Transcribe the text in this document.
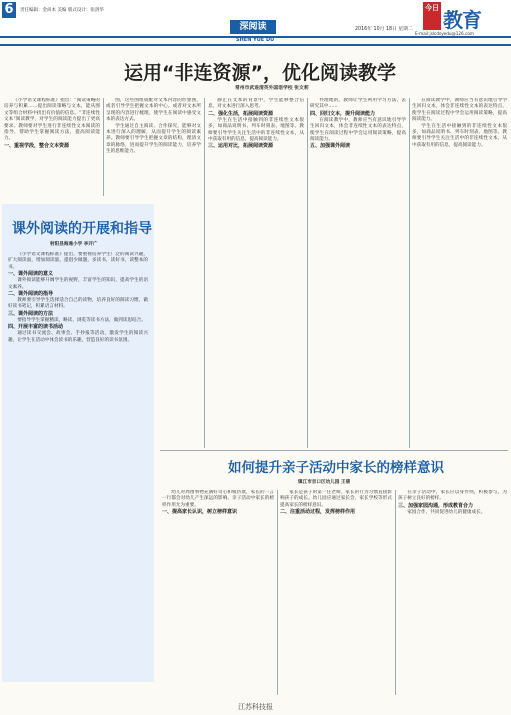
6	责任编辑：金尚本 美编 版式设计：张溶华
深阅读	2016年 10月 18日 星期二
今日 教育
E-mail:jslcdsyedu@126.com
SHEN YUE DU
运用“非连资源”，优化阅读教学
常州市武进清英外国语学校 张文莉

《小学语文课程标准》指出：“阅读策略的培养与积累……提出阅读策略与文本，能从图文等组合材料中找出有价值的信息。“非连续性文本”阅读教学，对学生的阅读能力提出了更高要求。教师要对学生进行非连续性文本阅读的指导，帮助学生掌握阅读方法，提高阅读能力。

一、重视学段，整合文本资源

图，这些图组成配对文本内容的形象图，或者引导学生把握文本的中心。或者对文本所呈现的内容进行梳理，使学生在阅读中感受文本的表达方式。

学生通过自主阅读、合作探究，能够对文本进行深入的理解，从而提升学生的阅读素养。教师要引导学生把握文章的结构，理清文章的脉络，进而提升学生的阅读能力，培养学生的思维能力。

静止在文本的背景中，学生能够整合信息，对文本进行深入思考。

二、强化生活，拓展阅读资源

学生在生活中接触到的非连续性文本很多，如商品说明书、列车时刻表、地图等。教师要引导学生关注生活中的非连续性文本，从中获取有用的信息，提高阅读能力。

三、运用对比，拓展阅读资源

件理地的。教师让学生利用学习方法，去研究其中……

四、回归文本，提升阅读能力

在阅读教学中，教师应当有意识地引导学生回归文本，体会非连续性文本的表达特点，使学生在阅读过程中学会运用阅读策略，提高阅读能力。

五、加强课外阅读

在阅读教学中，教师应当有意识地引导学生回归文本，体会非连续性文本的表达特点，使学生在阅读过程中学会运用阅读策略，提高阅读能力。

学生在生活中接触到的非连续性文本很多，如商品说明书、列车时刻表、地图等。教师要引导学生关注生活中的非连续性文本，从中获取有用的信息，提高阅读能力。

课外阅读的开展和指导
射阳县海通小学 李开广

《小学语文课程标准》提出，要重视培养学生广泛的阅读兴趣，扩大阅读面，增加阅读量，提倡少做题，多读书，读好书，读整本的书。

一、课外阅读的意义

课外阅读能够开阔学生的视野，丰富学生的知识，提高学生的语文素养。

二、课外阅读的指导

教师要引导学生选择适合自己的读物，培养良好的阅读习惯，做好读书笔记，积累语言材料。

三、课外阅读的方法

要指导学生掌握精读、略读、浏览等读书方法，做到读思结合。

四、开展丰富的读书活动

通过读书交流会、故事会、手抄报等活动，激发学生的阅读兴趣，让学生在活动中体会读书的乐趣，营造良好的读书氛围。

如何提升亲子活动中家长的榜样意识
镇江市京口区幼儿园 王倩

幼儿对周围事物充满好奇心和模仿欲，家长的一言一行都会对幼儿产生深远的影响。亲子活动中家长的榜样作用尤为重要。

一、提高家长认识，树立榜样意识

家长是孩子的第一任老师，家长的行为习惯直接影响孩子的成长。幼儿园应通过家长会、家长学校等形式提高家长的榜样意识。

二、注重活动过程，发挥榜样作用

在亲子活动中，家长应以身作则，积极参与，为孩子树立良好的榜样。

三、加强家园沟通，形成教育合力

家园合作，共同促进幼儿的健康成长。

江苏科技报
